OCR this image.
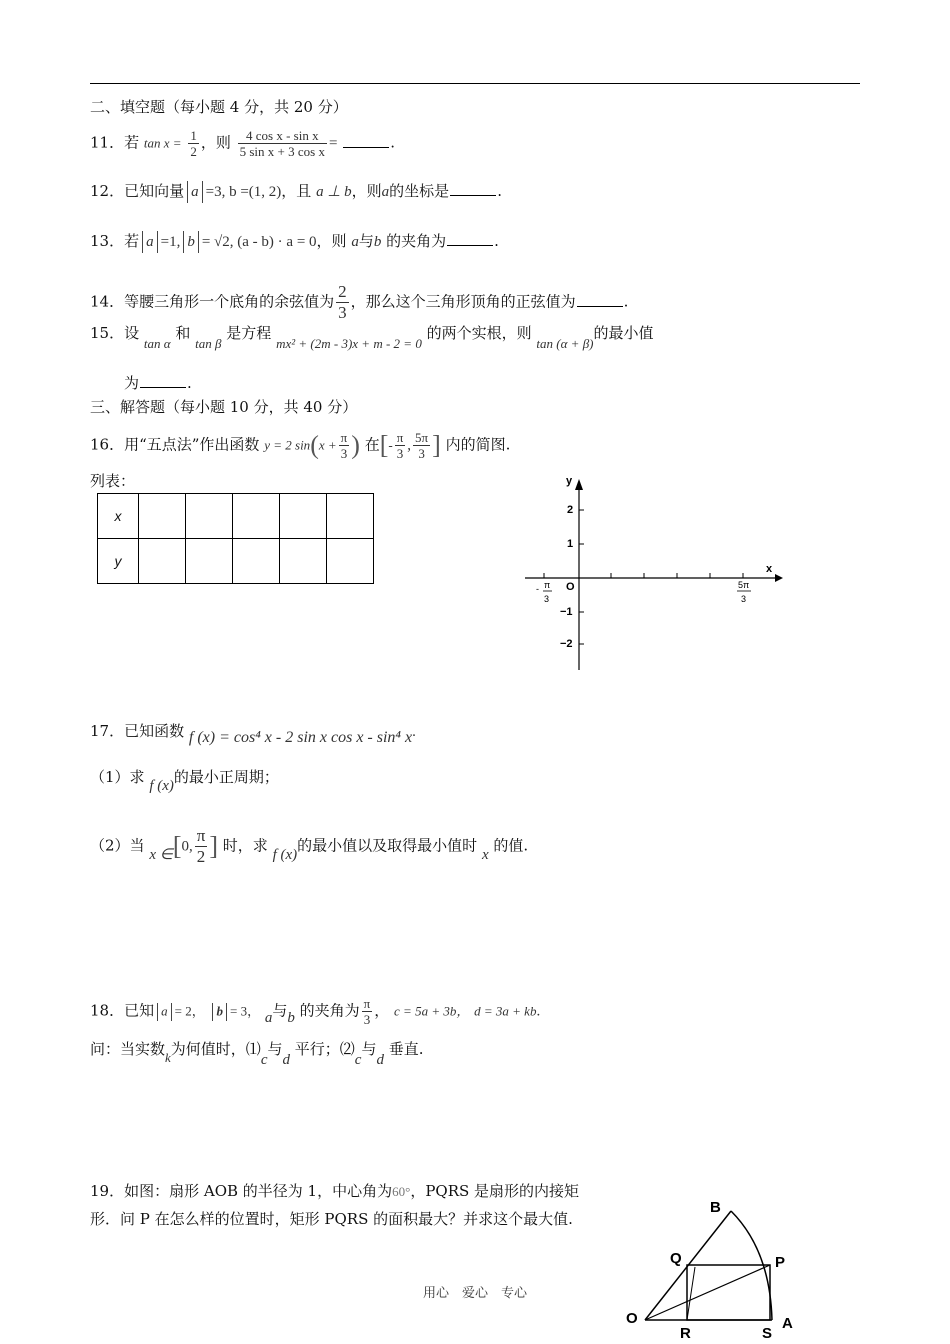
二、填空题（每小题 4 分，共 20 分）
11．若 $\tan x = \frac{1}{2}$ ，则 $\frac{\text{4 cos x - sin x}}{\text{5 sin x + 3 cos x}}$ =	.
12．已知向量 a =3, b =(1, 2)，且 a ⊥ b，则a的坐标是	.
13．若 a =1, b = √2, (a - b) · a = 0，则 a与b 的夹角为	.
14．等腰三角形一个底角的余弦值为 $\frac{2}{3}$ ，那么这个三角形顶角的正弦值为	.
15．设 tan α 和 tan β 是方程 mx² + (2m - 3)x + m - 2 = 0 的两个实根，则 tan (α + β)的最小值
为	.
三、解答题（每小题 10 分，共 40 分）
16．用“五点法”作出函数 y = 2 $\sin(x + \frac{\pi}{3}$ ) 在[- $\frac{\pi}{3}$ , $\frac{5\pi}{3}$ ] 内的简图.
列表：
x					
y					
y
x
O
2
1
−1
−2
- π
3
5π
3
17．已知函数 f (x) = cos⁴ x - 2 sin x cos x - sin⁴ x.
（1）求 f (x)的最小正周期；
（2）当 x ∈[0, $\frac{\pi}{2}$ ] 时，求 f (x)的最小值以及取得最小值时 x 的值.
18．已知 a = 2， b = 3， a与b 的夹角为 $\frac{\pi}{3}$ ， c = 5a + 3b， d = 3a + kb.
问：当实数k为何值时，⑴c与d 平行；⑵c与d 垂直.
19．如图：扇形 AOB 的半径为 1，中心角为60°，PQRS 是扇形的内接矩
形．问 P 在怎么样的位置时，矩形 PQRS 的面积最大？并求这个最大值.
B
Q	P
O
R	S
A
用心　爱心　专心
